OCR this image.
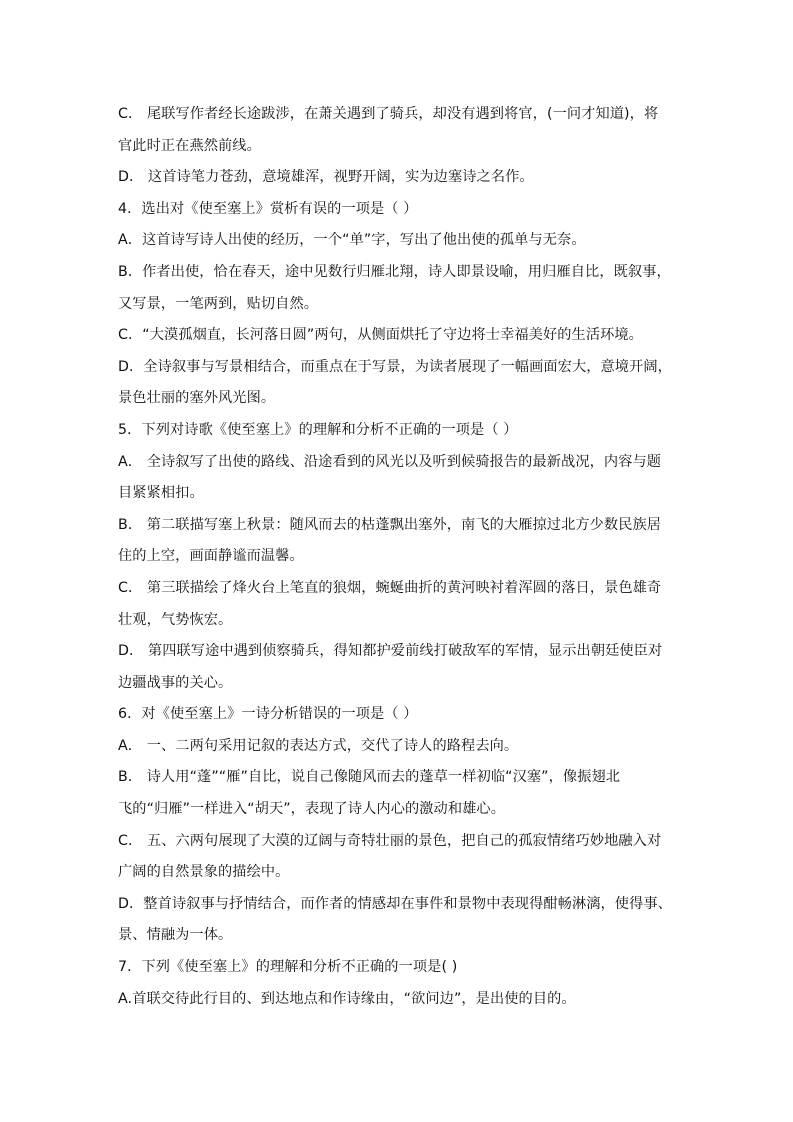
C． 尾联写作者经长途跋涉，在萧关遇到了骑兵，却没有遇到将官，(一问才知道)，将
官此时正在燕然前线。
D． 这首诗笔力苍劲，意境雄浑，视野开阔，实为边塞诗之名作。
4．选出对《使至塞上》赏析有误的一项是（ ）
A．这首诗写诗人出使的经历，一个“单”字，写出了他出使的孤单与无奈。
B．作者出使，恰在春天，途中见数行归雁北翔，诗人即景设喻，用归雁自比，既叙事，
又写景，一笔两到，贴切自然。
C．“大漠孤烟直，长河落日圆”两句，从侧面烘托了守边将士幸福美好的生活环境。
D．全诗叙事与写景相结合，而重点在于写景，为读者展现了一幅画面宏大，意境开阔，
景色壮丽的塞外风光图。
5．下列对诗歌《使至塞上》的理解和分析不正确的一项是（ ）
A． 全诗叙写了出使的路线、沿途看到的风光以及听到候骑报告的最新战况，内容与题
目紧紧相扣。
B． 第二联描写塞上秋景：随风而去的枯蓬飘出塞外，南飞的大雁掠过北方少数民族居
住的上空，画面静谧而温馨。
C． 第三联描绘了烽火台上笔直的狼烟，蜿蜒曲折的黄河映衬着浑圆的落日，景色雄奇
壮观，气势恢宏。
D． 第四联写途中遇到侦察骑兵，得知都护爱前线打破敌军的军情，显示出朝廷使臣对
边疆战事的关心。
6．对《使至塞上》一诗分析错误的一项是（ ）
A． 一、二两句采用记叙的表达方式，交代了诗人的路程去向。
B． 诗人用“蓬”“雁”自比，说自己像随风而去的蓬草一样初临“汉塞”，像振翅北
飞的“归雁”一样进入“胡天”，表现了诗人内心的激动和雄心。
C． 五、六两句展现了大漠的辽阔与奇特壮丽的景色，把自己的孤寂情绪巧妙地融入对
广阔的自然景象的描绘中。
D．整首诗叙事与抒情结合，而作者的情感却在事件和景物中表现得酣畅淋漓，使得事、
景、情融为一体。
7．下列《使至塞上》的理解和分析不正确的一项是( )
A.首联交待此行目的、到达地点和作诗缘由，“欲问边”，是出使的目的。
